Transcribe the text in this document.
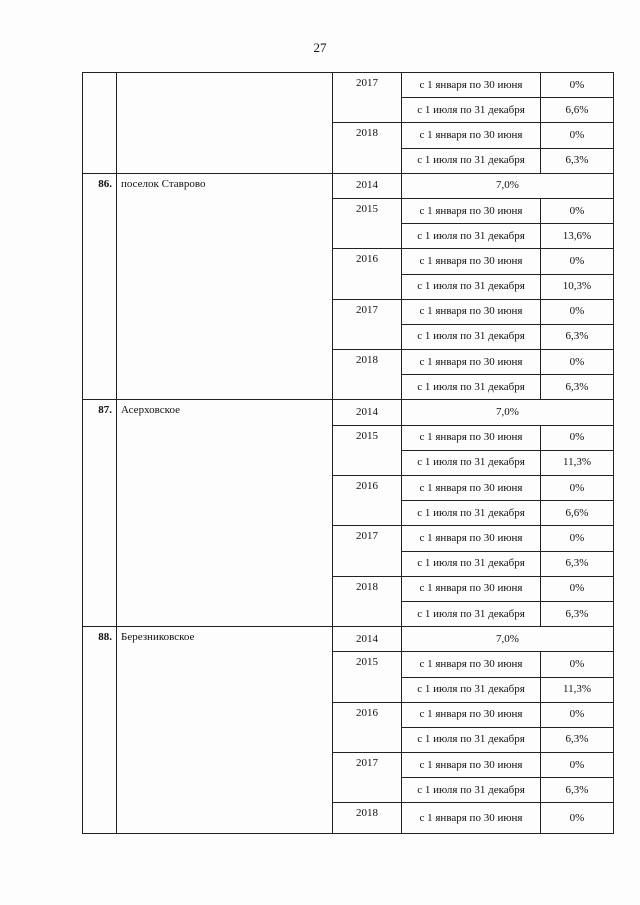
27
		2017	с 1 января по 30 июня	0%
			с 1 июля по 31 декабря	6,6%
		2018	с 1 января по 30 июня	0%
			с 1 июля по 31 декабря	6,3%
86.	поселок Ставрово	2014	7,0%	
		2015	с 1 января по 30 июня	0%
			с 1 июля по 31 декабря	13,6%
		2016	с 1 января по 30 июня	0%
			с 1 июля по 31 декабря	10,3%
		2017	с 1 января по 30 июня	0%
			с 1 июля по 31 декабря	6,3%
		2018	с 1 января по 30 июня	0%
			с 1 июля по 31 декабря	6,3%
87.	Асерховское	2014	7,0%	
		2015	с 1 января по 30 июня	0%
			с 1 июля по 31 декабря	11,3%
		2016	с 1 января по 30 июня	0%
			с 1 июля по 31 декабря	6,6%
		2017	с 1 января по 30 июня	0%
			с 1 июля по 31 декабря	6,3%
		2018	с 1 января по 30 июня	0%
			с 1 июля по 31 декабря	6,3%
88.	Березниковское	2014	7,0%	
		2015	с 1 января по 30 июня	0%
			с 1 июля по 31 декабря	11,3%
		2016	с 1 января по 30 июня	0%
			с 1 июля по 31 декабря	6,3%
		2017	с 1 января по 30 июня	0%
			с 1 июля по 31 декабря	6,3%
		2018	с 1 января по 30 июня	0%
